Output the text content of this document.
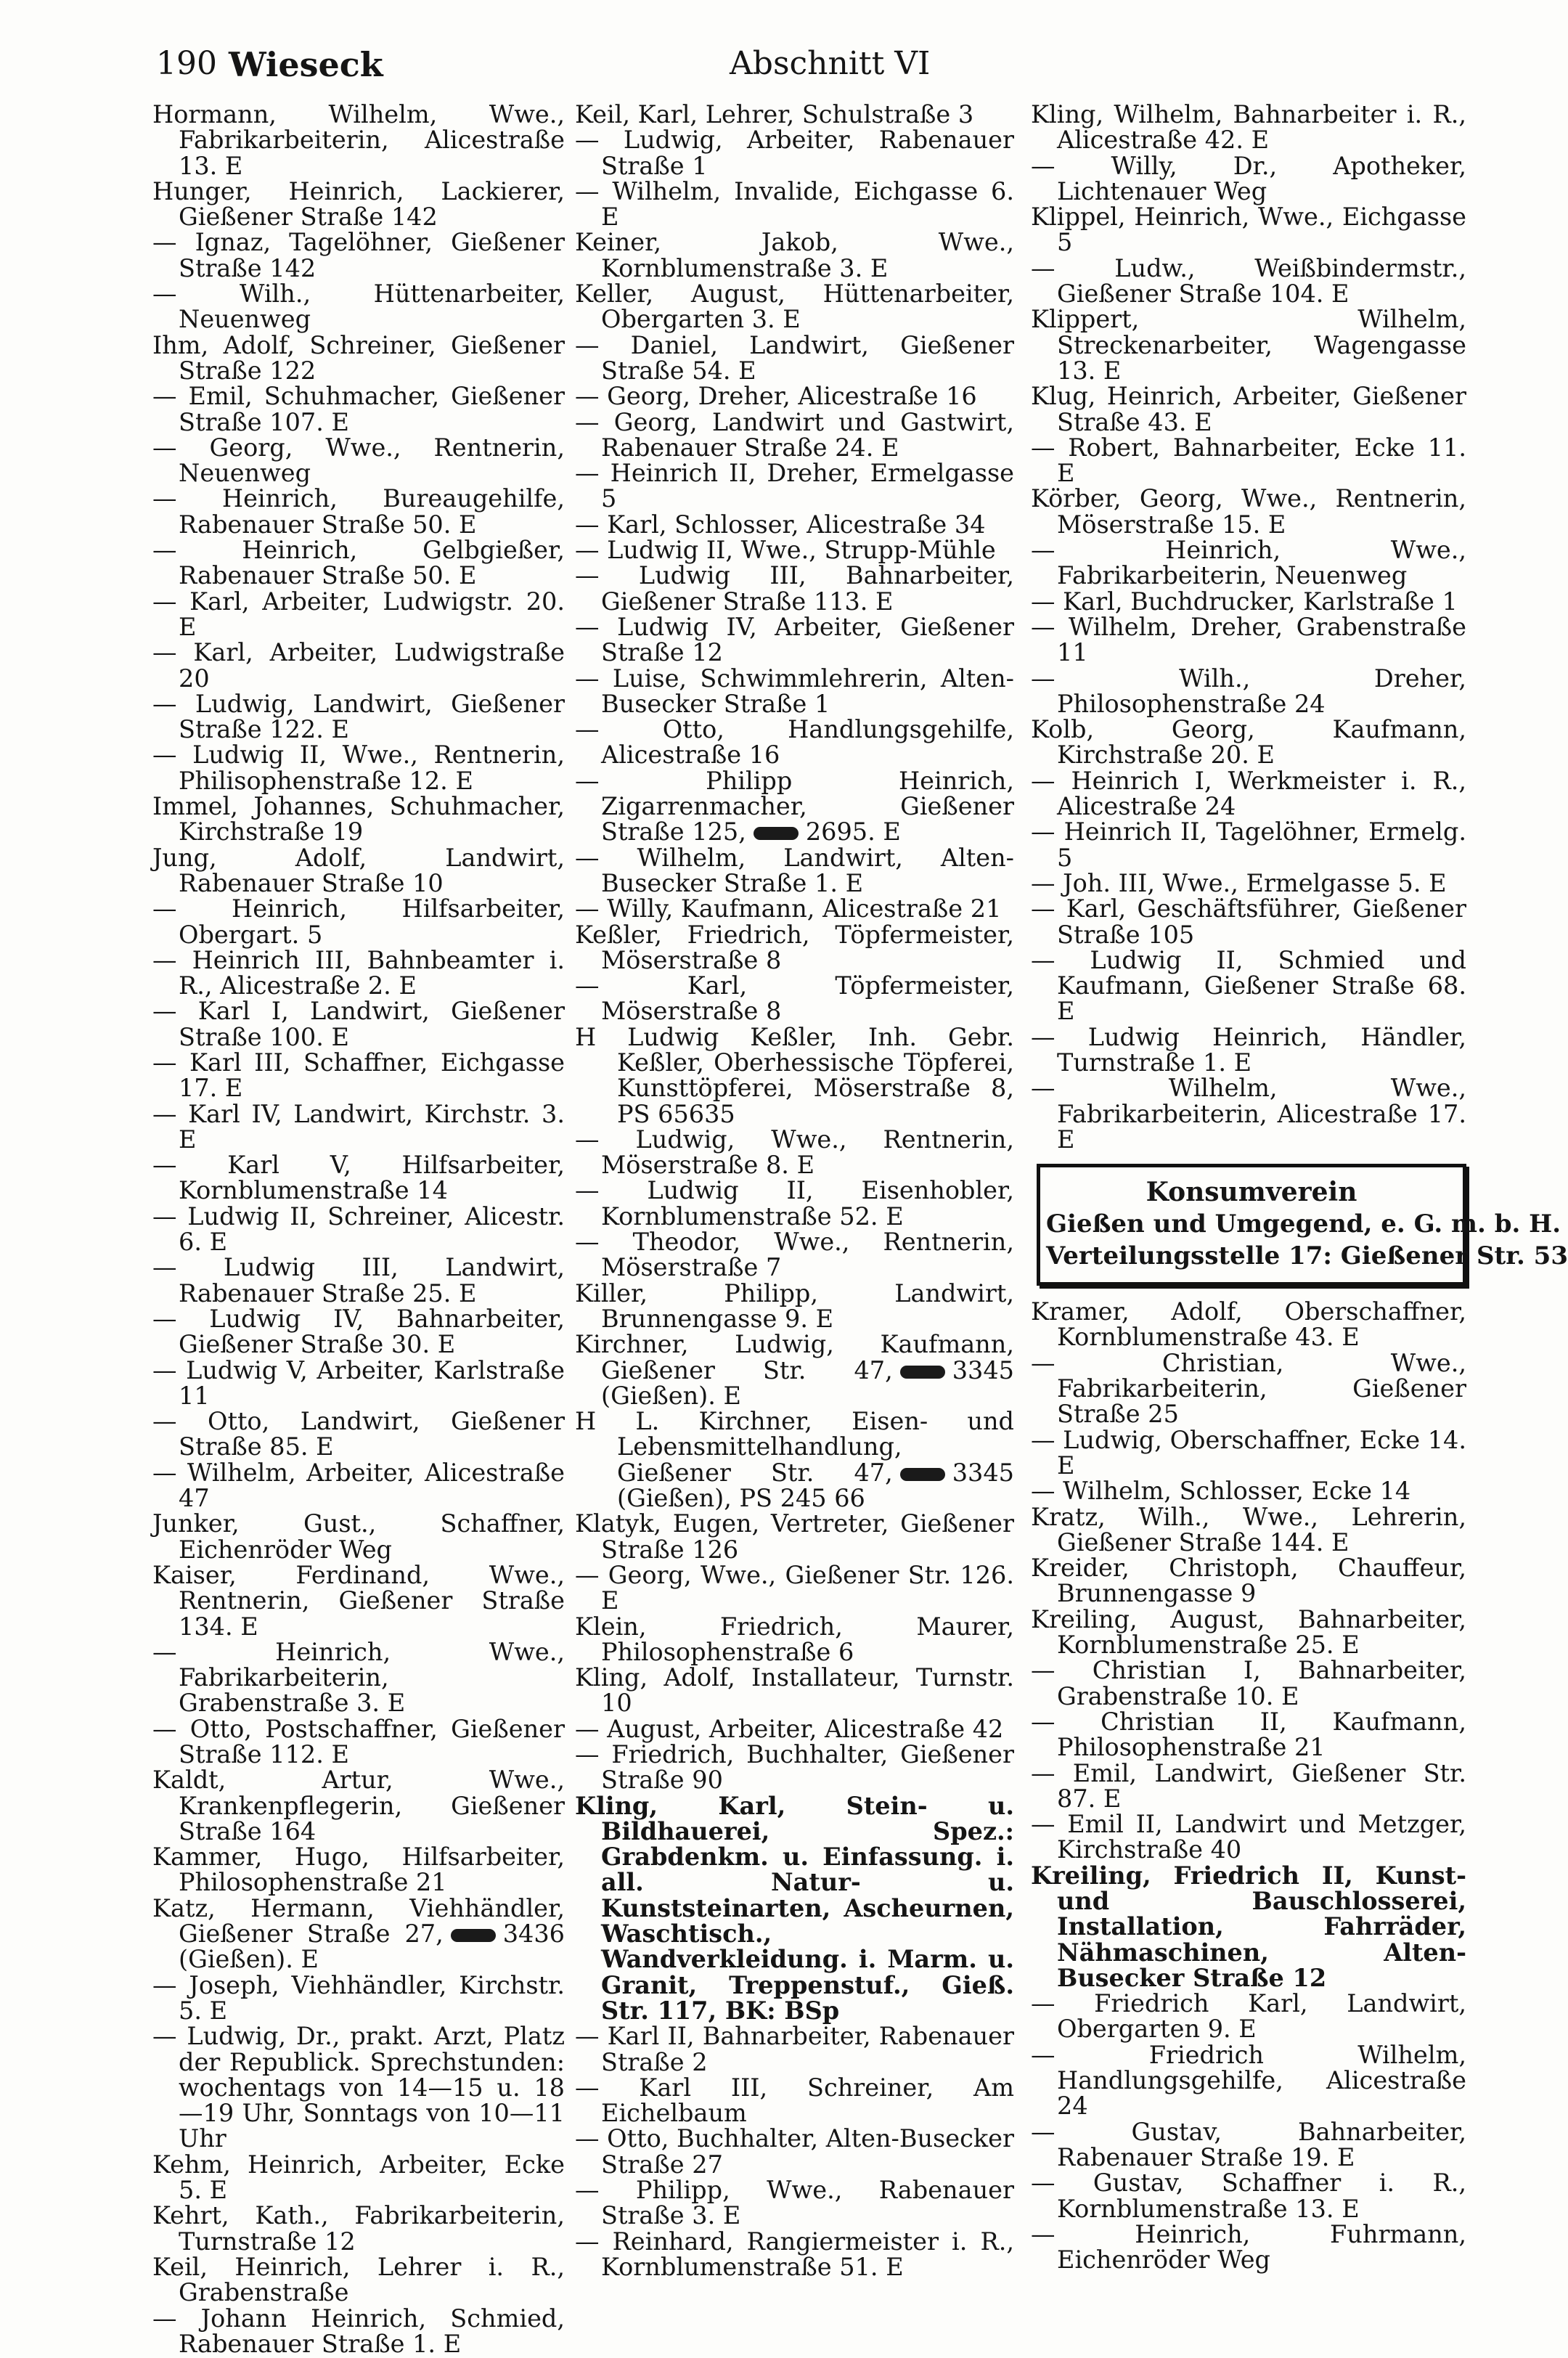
190 Wieseck	Abschnitt VI

Hormann, Wilhelm, Wwe., Fabrikarbeiterin, Alicestraße 13. E

Hunger, Heinrich, Lackierer, Gießener Straße 142

— Ignaz, Tagelöhner, Gießener Straße 142

— Wilh., Hüttenarbeiter, Neuenweg

Ihm, Adolf, Schreiner, Gießener Straße 122

— Emil, Schuhmacher, Gießener Straße 107. E

— Georg, Wwe., Rentnerin, Neuenweg

— Heinrich, Bureaugehilfe, Rabenauer Straße 50. E

— Heinrich, Gelbgießer, Rabenauer Straße 50. E

— Karl, Arbeiter, Ludwigstr. 20. E

— Karl, Arbeiter, Ludwigstraße 20

— Ludwig, Landwirt, Gießener Straße 122. E

— Ludwig II, Wwe., Rentnerin, Philisophenstraße 12. E

Immel, Johannes, Schuhmacher, Kirchstraße 19

Jung, Adolf, Landwirt, Rabenauer Straße 10

— Heinrich, Hilfsarbeiter, Obergart. 5

— Heinrich III, Bahnbeamter i. R., Alicestraße 2. E

— Karl I, Landwirt, Gießener Straße 100. E

— Karl III, Schaffner, Eichgasse 17. E

— Karl IV, Landwirt, Kirchstr. 3. E

— Karl V, Hilfsarbeiter, Kornblumenstraße 14

— Ludwig II, Schreiner, Alicestr. 6. E

— Ludwig III, Landwirt, Rabenauer Straße 25. E

— Ludwig IV, Bahnarbeiter, Gießener Straße 30. E

— Ludwig V, Arbeiter, Karlstraße 11

— Otto, Landwirt, Gießener Straße 85. E

— Wilhelm, Arbeiter, Alicestraße 47

Junker, Gust., Schaffner, Eichenröder Weg

Kaiser, Ferdinand, Wwe., Rentnerin, Gießener Straße 134. E

— Heinrich, Wwe., Fabrikarbeiterin, Grabenstraße 3. E

— Otto, Postschaffner, Gießener Straße 112. E

Kaldt, Artur, Wwe., Krankenpflegerin, Gießener Straße 164

Kammer, Hugo, Hilfsarbeiter, Philosophenstraße 21

Katz, Hermann, Viehhändler, Gießener Straße 27, 3436 (Gießen). E

— Joseph, Viehhändler, Kirchstr. 5. E

— Ludwig, Dr., prakt. Arzt, Platz der Republick. Sprechstunden: wochentags von 14—15 u. 18—19 Uhr, Sonntags von 10—11 Uhr

Kehm, Heinrich, Arbeiter, Ecke 5. E

Kehrt, Kath., Fabrikarbeiterin, Turnstraße 12

Keil, Heinrich, Lehrer i. R., Grabenstraße

— Johann Heinrich, Schmied, Rabenauer Straße 1. E

Keil, Karl, Lehrer, Schulstraße 3

— Ludwig, Arbeiter, Rabenauer Straße 1

— Wilhelm, Invalide, Eichgasse 6. E

Keiner, Jakob, Wwe., Kornblumenstraße 3. E

Keller, August, Hüttenarbeiter, Obergarten 3. E

— Daniel, Landwirt, Gießener Straße 54. E

— Georg, Dreher, Alicestraße 16

— Georg, Landwirt und Gastwirt, Rabenauer Straße 24. E

— Heinrich II, Dreher, Ermelgasse 5

— Karl, Schlosser, Alicestraße 34

— Ludwig II, Wwe., Strupp-Mühle

— Ludwig III, Bahnarbeiter, Gießener Straße 113. E

— Ludwig IV, Arbeiter, Gießener Straße 12

— Luise, Schwimmlehrerin, Alten-Busecker Straße 1

— Otto, Handlungsgehilfe, Alicestraße 16

— Philipp Heinrich, Zigarrenmacher, Gießener Straße 125, 2695. E

— Wilhelm, Landwirt, Alten-Busecker Straße 1. E

— Willy, Kaufmann, Alicestraße 21

Keßler, Friedrich, Töpfermeister, Möserstraße 8

— Karl, Töpfermeister, Möserstraße 8

H Ludwig Keßler, Inh. Gebr. Keßler, Oberhessische Töpferei, Kunsttöpferei, Möserstraße 8, PS 65635

— Ludwig, Wwe., Rentnerin, Möserstraße 8. E

— Ludwig II, Eisenhobler, Kornblumenstraße 52. E

— Theodor, Wwe., Rentnerin, Möserstraße 7

Killer, Philipp, Landwirt, Brunnengasse 9. E

Kirchner, Ludwig, Kaufmann, Gießener Str. 47, 3345 (Gießen). E

H L. Kirchner, Eisen- und Lebensmittelhandlung, Gießener Str. 47, 3345 (Gießen), PS 245 66

Klatyk, Eugen, Vertreter, Gießener Straße 126

— Georg, Wwe., Gießener Str. 126. E

Klein, Friedrich, Maurer, Philosophenstraße 6

Kling, Adolf, Installateur, Turnstr. 10

— August, Arbeiter, Alicestraße 42

— Friedrich, Buchhalter, Gießener Straße 90

Kling, Karl, Stein- u. Bildhauerei, Spez.: Grabdenkm. u. Einfassung. i. all. Natur- u. Kunststeinarten, Aschеurnen, Waschtisch., Wandverkleidung. i. Marm. u. Granit, Treppenstuf., Gieß. Str. 117, BK: BSp

— Karl II, Bahnarbeiter, Rabenauer Straße 2

— Karl III, Schreiner, Am Eichelbaum

— Otto, Buchhalter, Alten-Busecker Straße 27

— Philipp, Wwe., Rabenauer Straße 3. E

— Reinhard, Rangiermeister i. R., Kornblumenstraße 51. E

Kling, Wilhelm, Bahnarbeiter i. R., Alicestraße 42. E

— Willy, Dr., Apotheker, Lichtenauer Weg

Klippel, Heinrich, Wwe., Eichgasse 5

— Ludw., Weißbindermstr., Gießener Straße 104. E

Klippert, Wilhelm, Streckenarbeiter, Wagengasse 13. E

Klug, Heinrich, Arbeiter, Gießener Straße 43. E

— Robert, Bahnarbeiter, Ecke 11. E

Körber, Georg, Wwe., Rentnerin, Möserstraße 15. E

— Heinrich, Wwe., Fabrikarbeiterin, Neuenweg

— Karl, Buchdrucker, Karlstraße 1

— Wilhelm, Dreher, Grabenstraße 11

— Wilh., Dreher, Philosophenstraße 24

Kolb, Georg, Kaufmann, Kirchstraße 20. E

— Heinrich I, Werkmeister i. R., Alicestraße 24

— Heinrich II, Tagelöhner, Ermelg. 5

— Joh. III, Wwe., Ermelgasse 5. E

— Karl, Geschäftsführer, Gießener Straße 105

— Ludwig II, Schmied und Kaufmann, Gießener Straße 68. E

— Ludwig Heinrich, Händler, Turnstraße 1. E

— Wilhelm, Wwe., Fabrikarbeiterin, Alicestraße 17. E

Konsumverein
Gießen und Umgegend, e. G. m. b. H.
Verteilungsstelle 17: Gießener Str. 53

Kramer, Adolf, Oberschaffner, Kornblumenstraße 43. E

— Christian, Wwe., Fabrikarbeiterin, Gießener Straße 25

— Ludwig, Oberschaffner, Ecke 14. E

— Wilhelm, Schlosser, Ecke 14

Kratz, Wilh., Wwe., Lehrerin, Gießener Straße 144. E

Kreider, Christoph, Chauffeur, Brunnengasse 9

Kreiling, August, Bahnarbeiter, Kornblumenstraße 25. E

— Christian I, Bahnarbeiter, Grabenstraße 10. E

— Christian II, Kaufmann, Philosophenstraße 21

— Emil, Landwirt, Gießener Str. 87. E

— Emil II, Landwirt und Metzger, Kirchstraße 40

Kreiling, Friedrich II, Kunst- und Bauschlosserei, Installation, Fahrräder, Nähmaschinen, Alten-Busecker Straße 12

— Friedrich Karl, Landwirt, Obergarten 9. E

— Friedrich Wilhelm, Handlungsgehilfe, Alicestraße 24

— Gustav, Bahnarbeiter, Rabenauer Straße 19. E

— Gustav, Schaffner i. R., Kornblumenstraße 13. E

— Heinrich, Fuhrmann, Eichenröder Weg
